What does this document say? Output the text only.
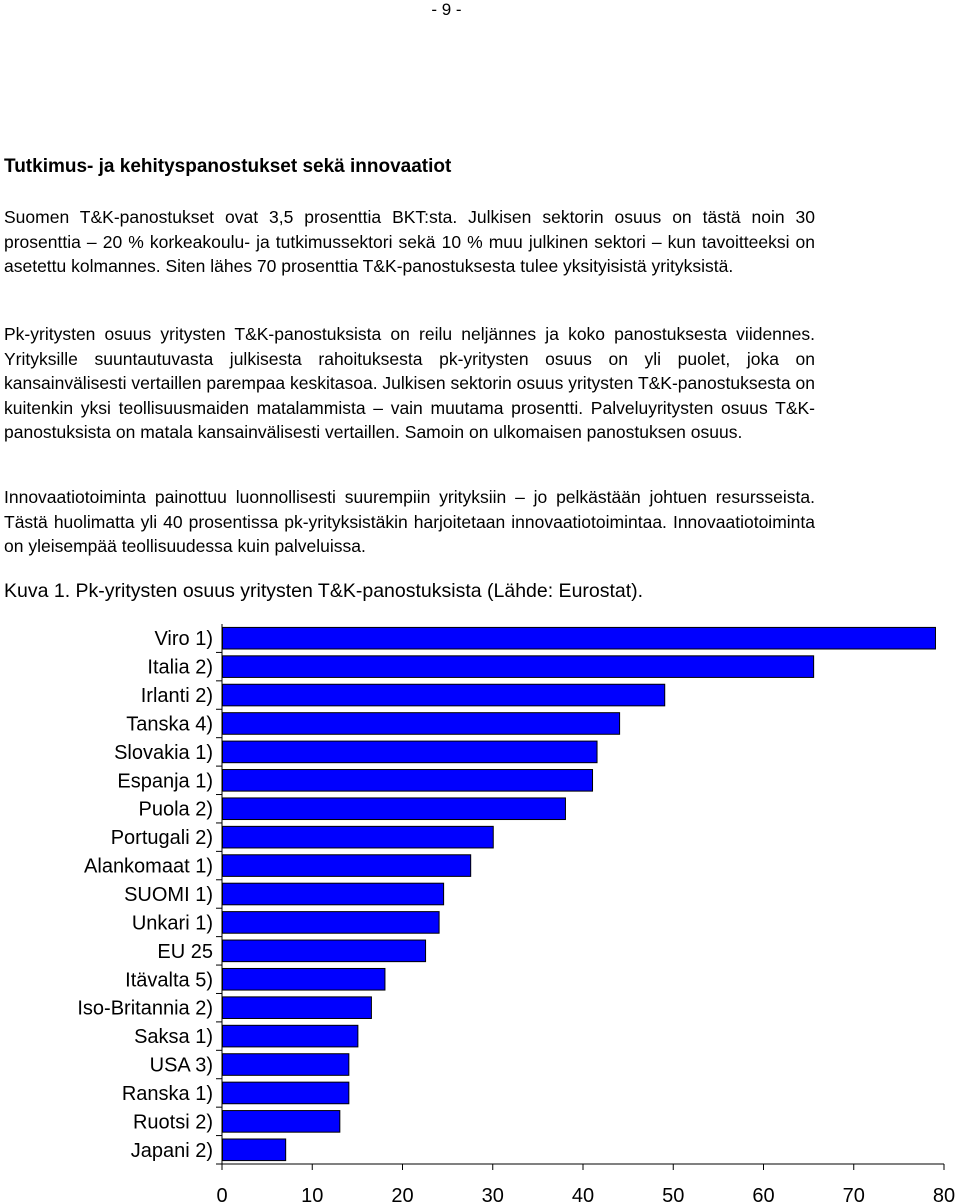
- 9 -
Tutkimus- ja kehityspanostukset sekä innovaatiot

Suomen T&K-panostukset ovat 3,5 prosenttia BKT:sta. Julkisen sektorin osuus on tästä noin 30 prosenttia – 20 % korkeakoulu- ja tutkimussektori sekä 10 % muu julkinen sektori – kun tavoitteeksi on asetettu kolmannes. Siten lähes 70 prosenttia T&K-panostuksesta tulee yksityisistä yrityksistä.

Pk-yritysten osuus yritysten T&K-panostuksista on reilu neljännes ja koko panostuksesta viidennes. Yrityksille suuntautuvasta julkisesta rahoituksesta pk-yritysten osuus on yli puolet, joka on kansainvälisesti vertaillen parempaa keskitasoa. Julkisen sektorin osuus yritysten T&K-panostuksesta on kuitenkin yksi teollisuusmaiden matalammista – vain muutama prosentti. Palveluyritysten osuus T&K-panostuksista on matala kansainvälisesti vertaillen. Samoin on ulkomaisen panostuksen osuus.

Innovaatiotoiminta painottuu luonnollisesti suurempiin yrityksiin – jo pelkästään johtuen resursseista. Tästä huolimatta yli 40 prosentissa pk-yrityksistäkin harjoitetaan innovaatiotoimintaa. Innovaatiotoiminta on yleisempää teollisuudessa kuin palveluissa.

Kuva 1. Pk-yritysten osuus yritysten T&K-panostuksista (Lähde: Eurostat).

Viro 1)
Italia 2)
Irlanti 2)
Tanska 4)
Slovakia 1)
Espanja 1)
Puola 2)
Portugali 2)
Alankomaat 1)
SUOMI 1)
Unkari 1)
EU 25
Itävalta 5)
Iso-Britannia 2)
Saksa 1)
USA 3)
Ranska 1)
Ruotsi 2)
Japani 2)
0	10	20	30	40	50	60	70	80
